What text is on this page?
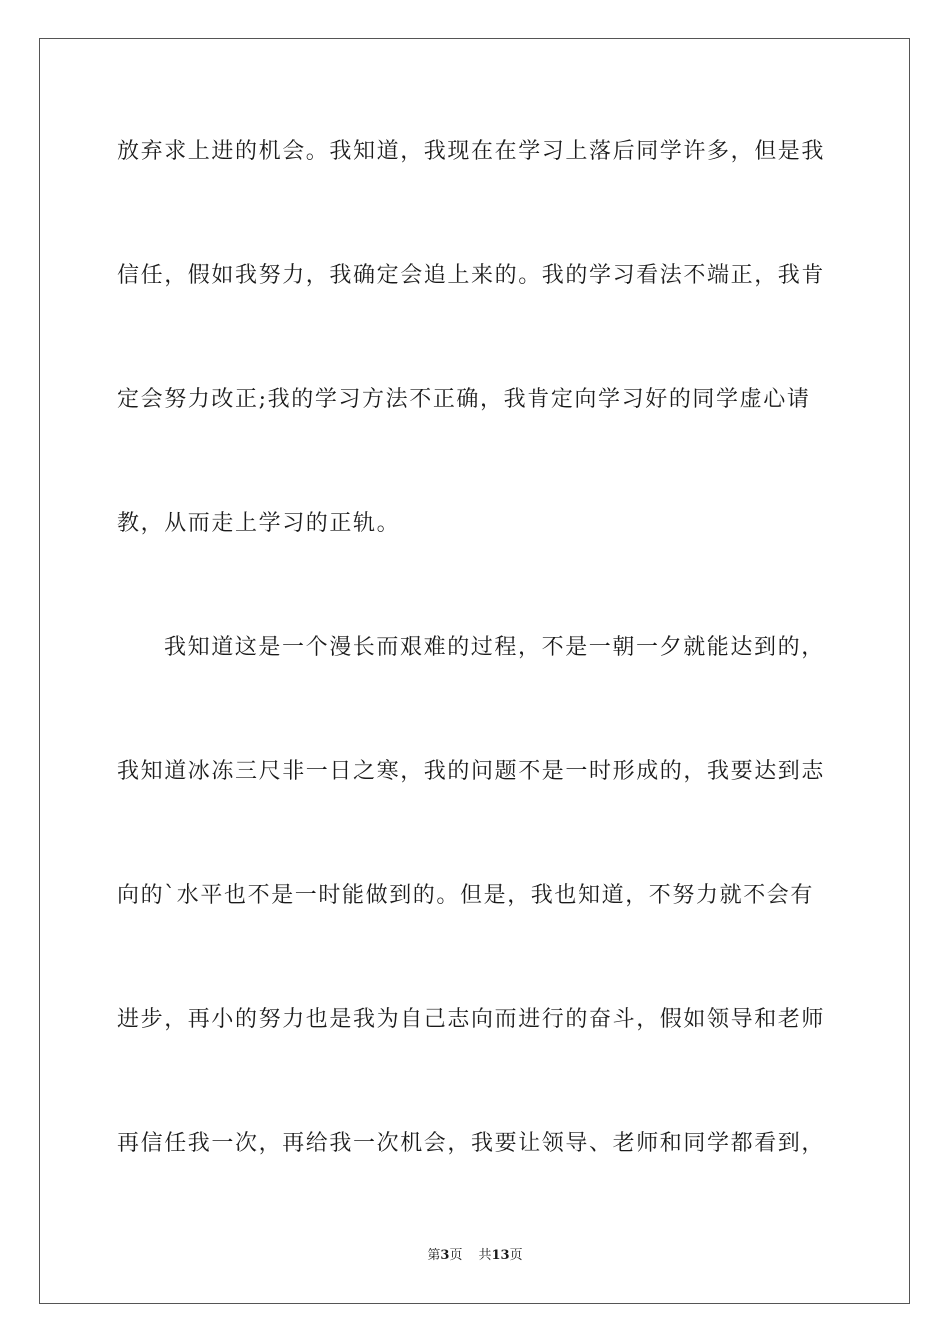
放弃求上进的机会。我知道，我现在在学习上落后同学许多，但是我
信任，假如我努力，我确定会追上来的。我的学习看法不端正，我肯
定会努力改正;我的学习方法不正确，我肯定向学习好的同学虚心请
教，从而走上学习的正轨。
我知道这是一个漫长而艰难的过程，不是一朝一夕就能达到的，
我知道冰冻三尺非一日之寒，我的问题不是一时形成的，我要达到志
向的`水平也不是一时能做到的。但是，我也知道，不努力就不会有
进步，再小的努力也是我为自己志向而进行的奋斗，假如领导和老师
再信任我一次，再给我一次机会，我要让领导、老师和同学都看到，
第3页 共13页
